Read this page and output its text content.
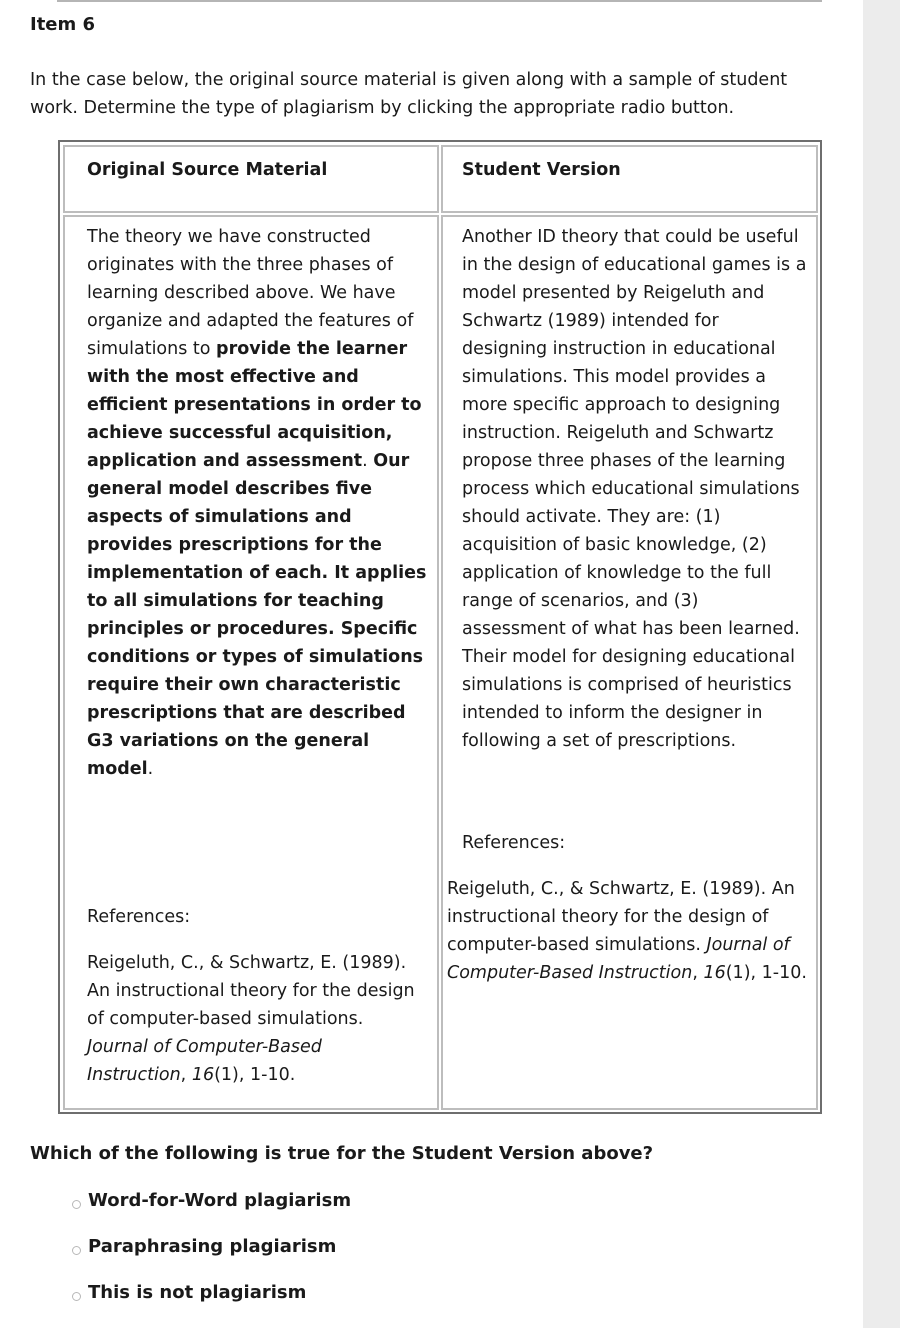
Item 6
In the case below, the original source material is given along with a sample of student work. Determine the type of plagiarism by clicking the appropriate radio button.
Original Source Material	Student Version
The theory we have constructed originates with the three phases of learning described above. We have organize and adapted the features of simulations to provide the learner with the most effective and efficient presentations in order to achieve successful acquisition, application and assessment. Our general model describes five aspects of simulations and provides prescriptions for the implementation of each. It applies to all simulations for teaching principles or procedures. Specific conditions or types of simulations require their own characteristic prescriptions that are described G3 variations on the general model.
References:
Reigeluth, C., & Schwartz, E. (1989). An instructional theory for the design of computer-based simulations. Journal of Computer-Based Instruction, 16(1), 1-10.
Another ID theory that could be useful in the design of educational games is a model presented by Reigeluth and Schwartz (1989) intended for designing instruction in educational simulations. This model provides a more specific approach to designing instruction. Reigeluth and Schwartz propose three phases of the learning process which educational simulations should activate. They are: (1) acquisition of basic knowledge, (2) application of knowledge to the full range of scenarios, and (3) assessment of what has been learned. Their model for designing educational simulations is comprised of heuristics intended to inform the designer in following a set of prescriptions.
References:
Reigeluth, C., & Schwartz, E. (1989). An instructional theory for the design of computer-based simulations. Journal of Computer-Based Instruction, 16(1), 1-10.
Which of the following is true for the Student Version above?
Word-for-Word plagiarism
Paraphrasing plagiarism
This is not plagiarism
